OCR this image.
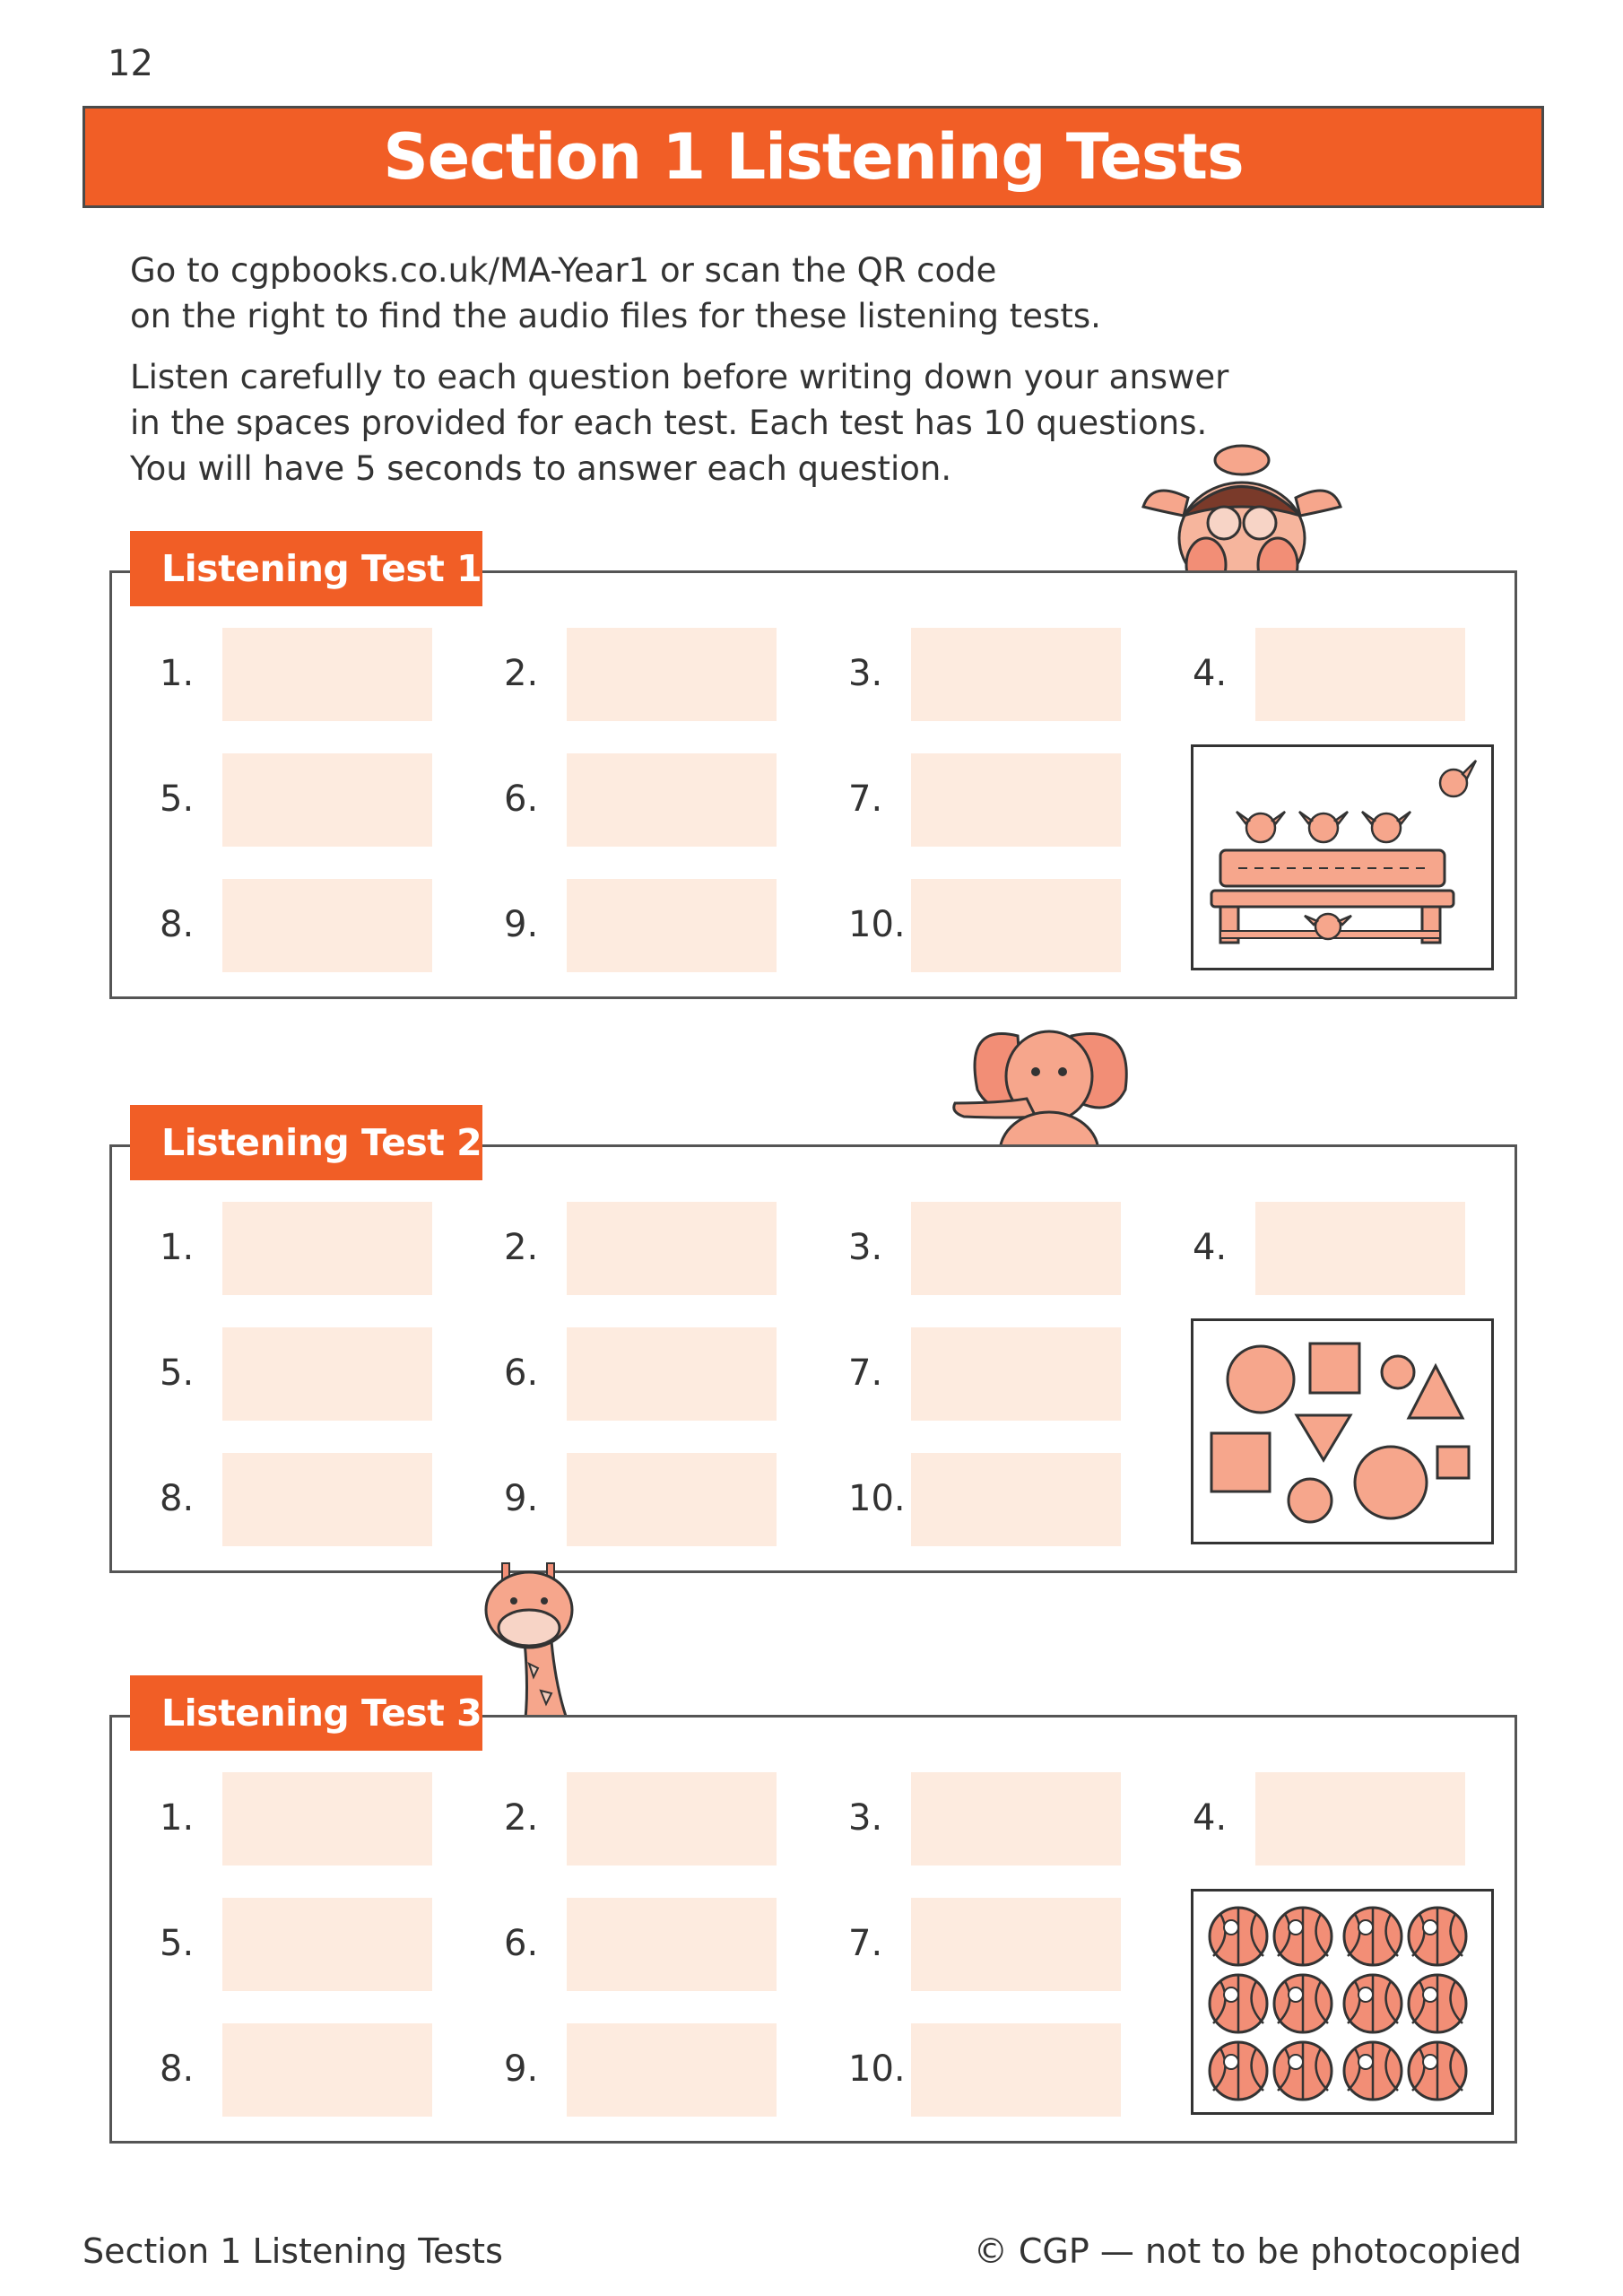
12
Section 1 Listening Tests
Go to cgpbooks.co.uk/MA-Year1 or scan the QR code
on the right to find the audio files for these listening tests.
Listen carefully to each question before writing down your answer
in the spaces provided for each test. Each test has 10 questions.
You will have 5 seconds to answer each question.
Listening Test 1
1.	2.	3.	4.
5.	6.	7.
8.	9.	10.
Listening Test 2
1.	2.	3.	4.
5.	6.	7.
8.	9.	10.
Listening Test 3
1.	2.	3.	4.
5.	6.	7.
8.	9.	10.
Section 1 Listening Tests	© CGP — not to be photocopied
